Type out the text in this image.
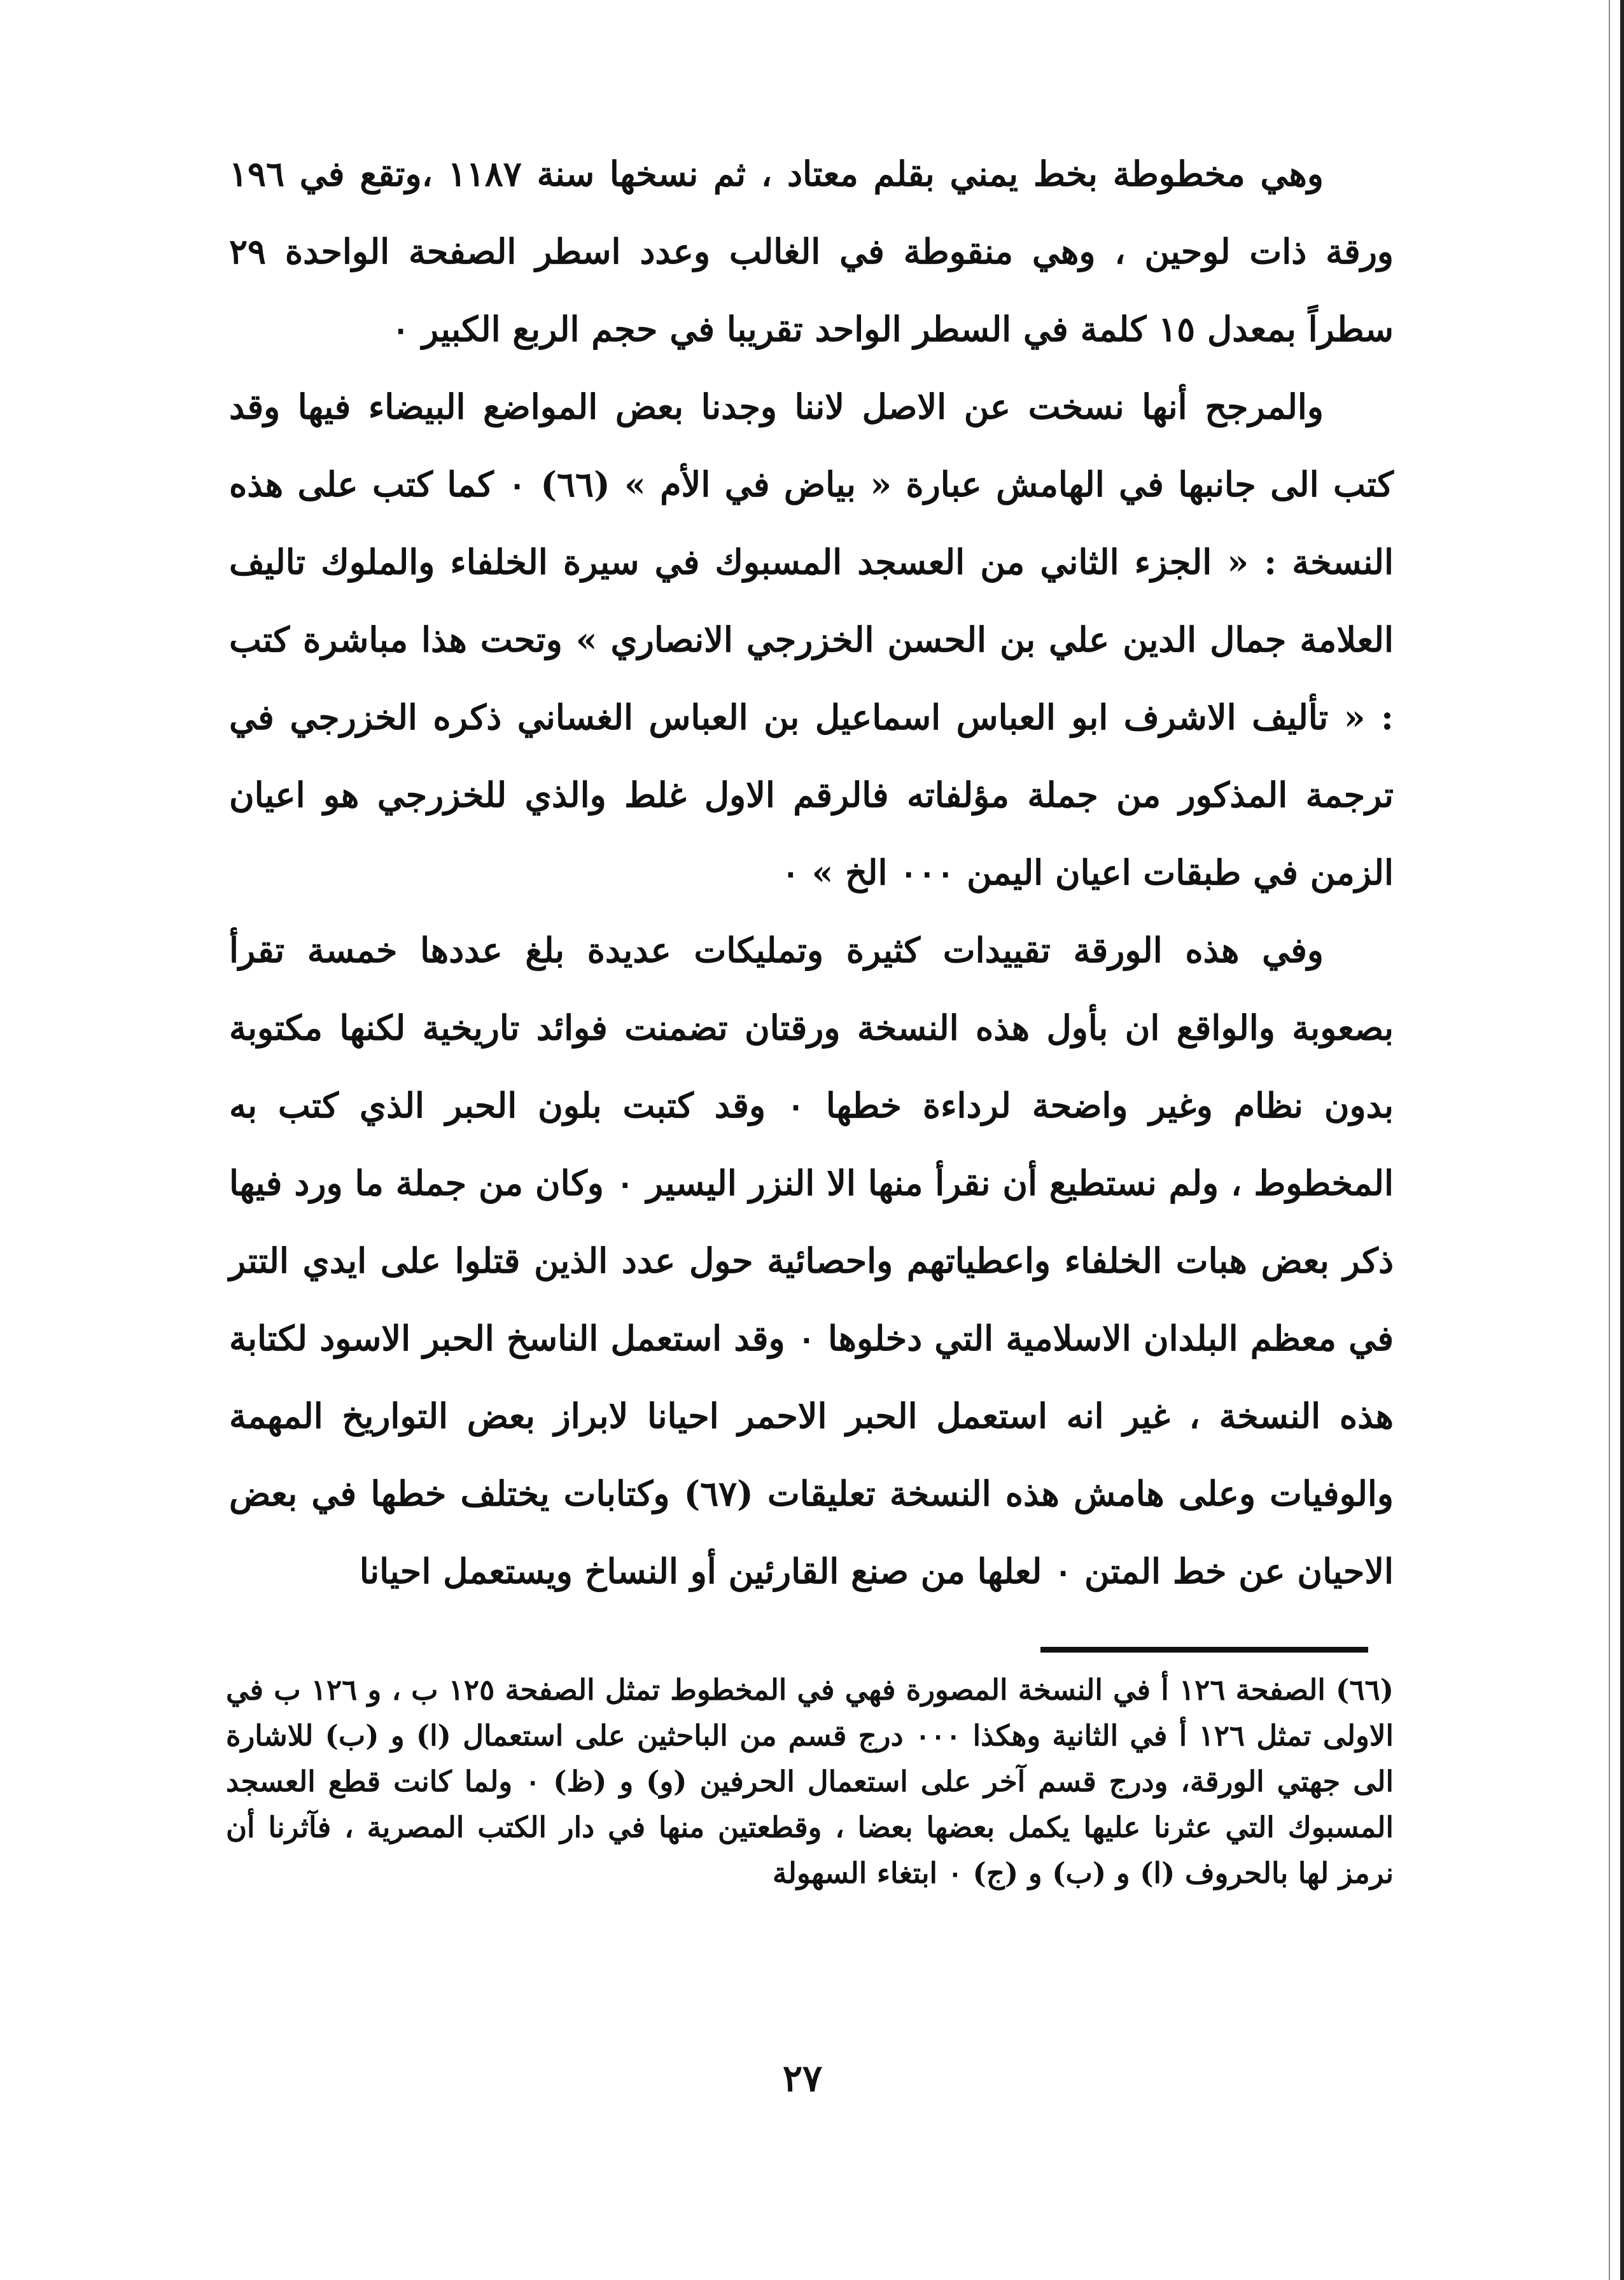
وهي مخطوطة بخط يمني بقلم معتاد ، ثم نسخها سنة ١١٨٧ ،وتقع في ١٩٦ ورقة ذات لوحين ، وهي منقوطة في الغالب وعدد اسطر الصفحة الواحدة ٢٩ سطراً بمعدل ١٥ كلمة في السطر الواحد تقريبا في حجم الربع الكبير ٠

والمرجح أنها نسخت عن الاصل لاننا وجدنا بعض المواضع البيضاء فيها وقد كتب الى جانبها في الهامش عبارة « بياض في الأم » (٦٦) ٠ كما كتب على هذه النسخة : « الجزء الثاني من العسجد المسبوك في سيرة الخلفاء والملوك تاليف العلامة جمال الدين علي بن الحسن الخزرجي الانصاري » وتحت هذا مباشرة كتب : « تأليف الاشرف ابو العباس اسماعيل بن العباس الغساني ذكره الخزرجي في ترجمة المذكور من جملة مؤلفاته فالرقم الاول غلط والذي للخزرجي هو اعيان الزمن في طبقات اعيان اليمن ٠٠٠ الخ » ٠

وفي هذه الورقة تقييدات كثيرة وتمليكات عديدة بلغ عددها خمسة تقرأ بصعوبة والواقع ان بأول هذه النسخة ورقتان تضمنت فوائد تاريخية لكنها مكتوبة بدون نظام وغير واضحة لرداءة خطها ٠ وقد كتبت بلون الحبر الذي كتب به المخطوط ، ولم نستطيع أن نقرأ منها الا النزر اليسير ٠ وكان من جملة ما ورد فيها ذكر بعض هبات الخلفاء واعطياتهم واحصائية حول عدد الذين قتلوا على ايدي التتر في معظم البلدان الاسلامية التي دخلوها ٠ وقد استعمل الناسخ الحبر الاسود لكتابة هذه النسخة ، غير انه استعمل الحبر الاحمر احيانا لابراز بعض التواريخ المهمة والوفيات وعلى هامش هذه النسخة تعليقات (٦٧) وكتابات يختلف خطها في بعض الاحيان عن خط المتن ٠ لعلها من صنع القارئين أو النساخ ويستعمل احيانا

(٦٦) الصفحة ١٢٦ أ في النسخة المصورة فهي في المخطوط تمثل الصفحة ١٢٥ ب ، و ١٢٦ ب في الاولى تمثل ١٢٦ أ في الثانية وهكذا ٠٠٠ درج قسم من الباحثين على استعمال (ا) و (ب) للاشارة الى جهتي الورقة، ودرج قسم آخر على استعمال الحرفين (و) و (ظ) ٠ ولما كانت قطع العسجد المسبوك التي عثرنا عليها يكمل بعضها بعضا ، وقطعتين منها في دار الكتب المصرية ، فآثرنا أن نرمز لها بالحروف (ا) و (ب) و (ج) ٠ ابتغاء السهولة

٢٧
